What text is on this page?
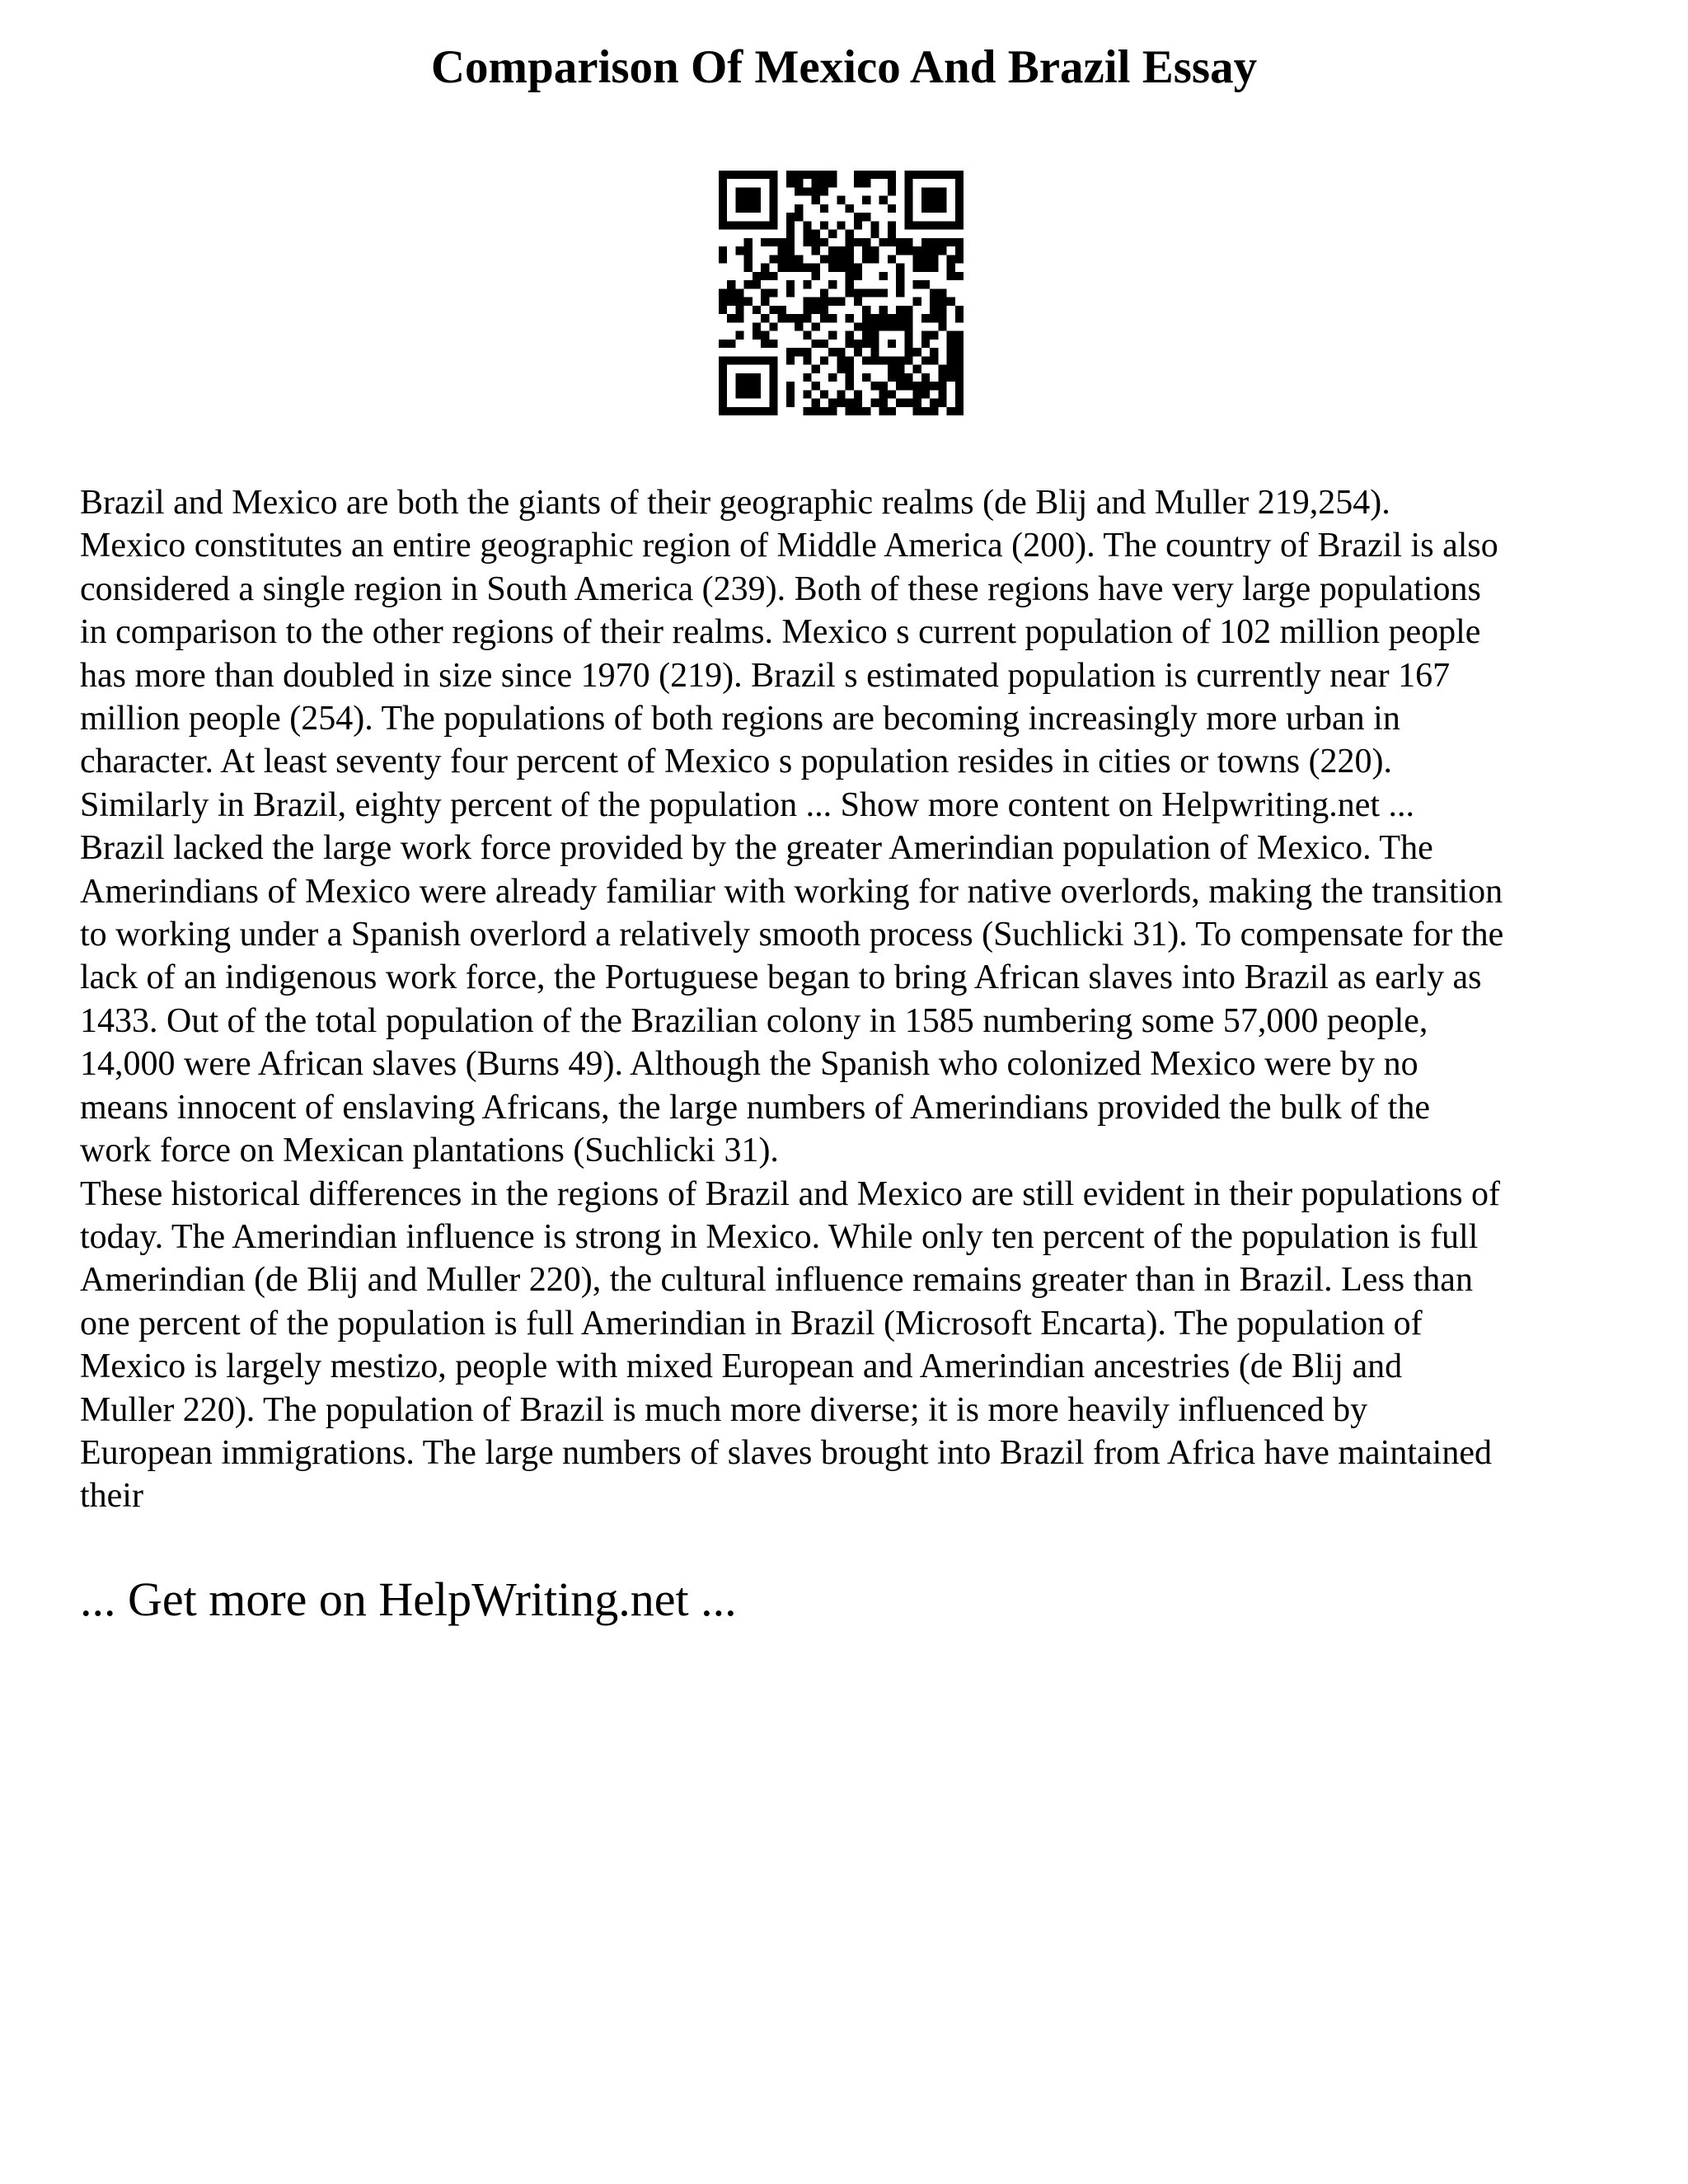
Comparison Of Mexico And Brazil Essay

Brazil and Mexico are both the giants of their geographic realms (de Blij and Muller 219,254).
Mexico constitutes an entire geographic region of Middle America (200). The country of Brazil is also
considered a single region in South America (239). Both of these regions have very large populations
in comparison to the other regions of their realms. Mexico s current population of 102 million people
has more than doubled in size since 1970 (219). Brazil s estimated population is currently near 167
million people (254). The populations of both regions are becoming increasingly more urban in
character. At least seventy four percent of Mexico s population resides in cities or towns (220).
Similarly in Brazil, eighty percent of the population ... Show more content on Helpwriting.net ...
Brazil lacked the large work force provided by the greater Amerindian population of Mexico. The
Amerindians of Mexico were already familiar with working for native overlords, making the transition
to working under a Spanish overlord a relatively smooth process (Suchlicki 31). To compensate for the
lack of an indigenous work force, the Portuguese began to bring African slaves into Brazil as early as
1433. Out of the total population of the Brazilian colony in 1585 numbering some 57,000 people,
14,000 were African slaves (Burns 49). Although the Spanish who colonized Mexico were by no
means innocent of enslaving Africans, the large numbers of Amerindians provided the bulk of the
work force on Mexican plantations (Suchlicki 31).

These historical differences in the regions of Brazil and Mexico are still evident in their populations of
today. The Amerindian influence is strong in Mexico. While only ten percent of the population is full
Amerindian (de Blij and Muller 220), the cultural influence remains greater than in Brazil. Less than
one percent of the population is full Amerindian in Brazil (Microsoft Encarta). The population of
Mexico is largely mestizo, people with mixed European and Amerindian ancestries (de Blij and
Muller 220). The population of Brazil is much more diverse; it is more heavily influenced by
European immigrations. The large numbers of slaves brought into Brazil from Africa have maintained
their

... Get more on HelpWriting.net ...
